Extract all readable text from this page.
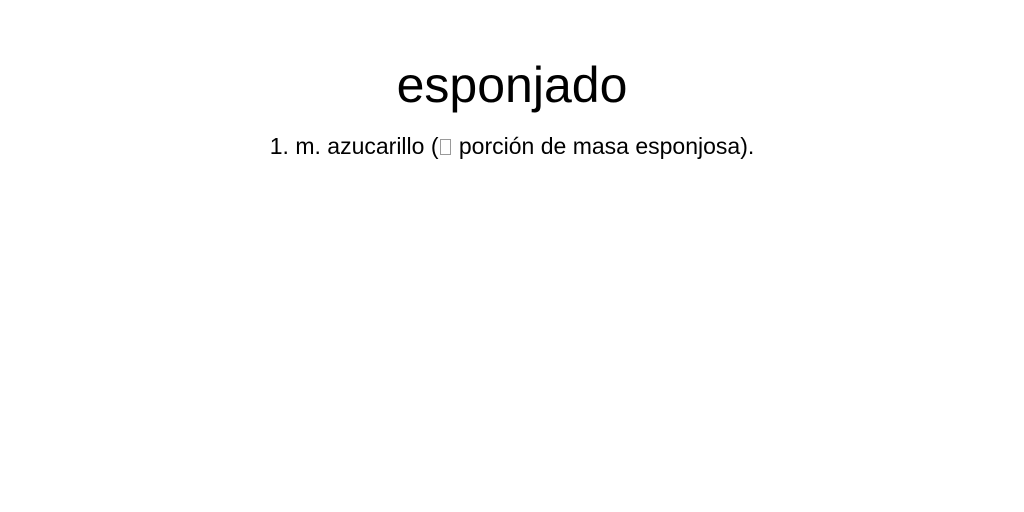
esponjado

1. m. azucarillo ( porción de masa esponjosa).
